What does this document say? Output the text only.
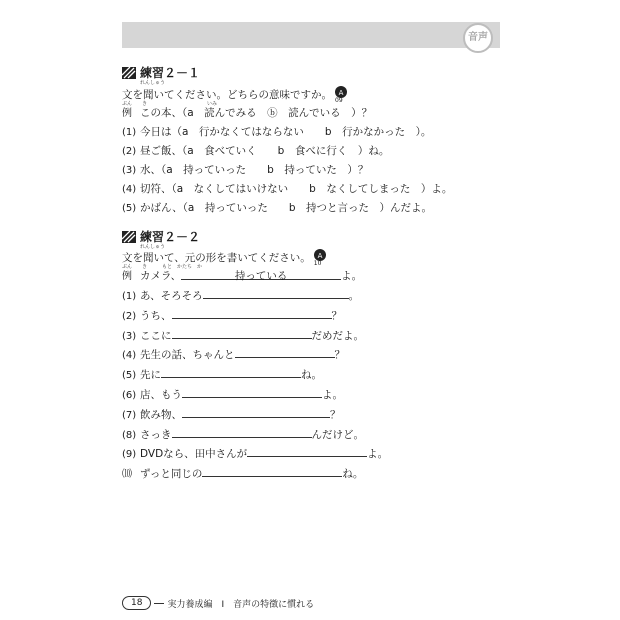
音声
練習２－１
れんしゅう
文を聞いてください。どちらの意味ですか。 A
09
ぶん　　き　　　　　　　　　　　　いみ
例 この本、（a　読んでみる　ⓑ　読んでいる　）？
(1) 今日は（a　行かなくてはならない　　b　行かなかった　）。
(2) 昼ご飯、（a　食べていく　　b　食べに行く　）ね。
(3) 水、（a　持っていった　　b　持っていた　）？
(4) 切符、（a　なくしてはいけない　　b　なくしてしまった　）よ。
(5) かばん、（a　持っていった　　b　持つと言った　）んだよ。
練習２－２
れんしゅう
文を聞いて、元の形を書いてください。 A
10
ぶん　　き　　　もと　かたち　か
例 カメラ、	持っている	よ。
(1) あ、そろそろ	。
(2) うち、	？
(3) ここに	だめだよ。
(4) 先生の話、ちゃんと	？
(5) 先に	ね。
(6) 店、もう	よ。
(7) 飲み物、	？
(8) さっき	んだけど。
(9) DVDなら、田中さんが	よ。
⑽ ずっと同じの	ね。
18	実力養成編　Ⅰ　音声の特徴に慣れる
